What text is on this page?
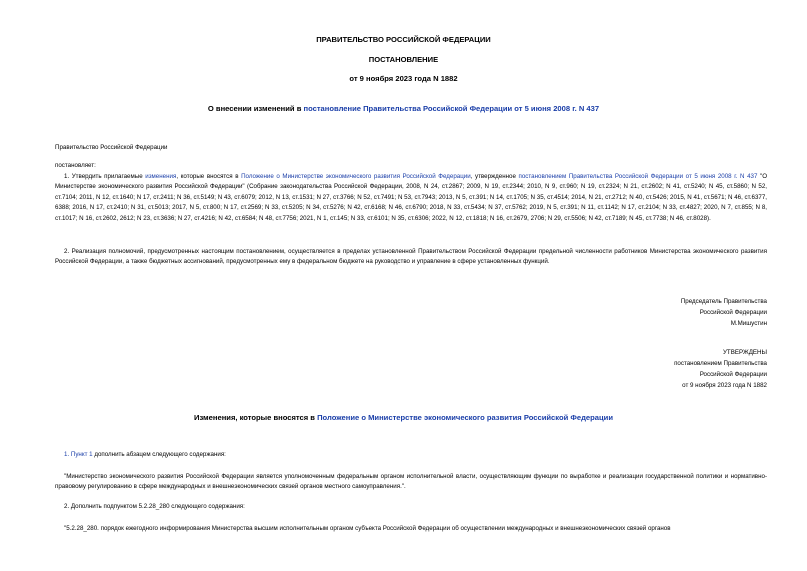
ПРАВИТЕЛЬСТВО РОССИЙСКОЙ ФЕДЕРАЦИИ
ПОСТАНОВЛЕНИЕ
от 9 ноября 2023 года N 1882
О внесении изменений в постановление Правительства Российской Федерации от 5 июня 2008 г. N 437
Правительство Российской Федерации
постановляет:
1. Утвердить прилагаемые изменения, которые вносятся в Положение о Министерстве экономического развития Российской Федерации, утвержденное постановлением Правительства Российской Федерации от 5 июня 2008 г. N 437 "О Министерстве экономического развития Российской Федерации" (Собрание законодательства Российской Федерации, 2008, N 24, ст.2867; 2009, N 19, ст.2344; 2010, N 9, ст.960; N 19, ст.2324; N 21, ст.2602; N 41, ст.5240; N 45, ст.5860; N 52, ст.7104; 2011, N 12, ст.1640; N 17, ст.2411; N 36, ст.5149; N 43, ст.6079; 2012, N 13, ст.1531; N 27, ст.3766; N 52, ст.7491; N 53, ст.7943; 2013, N 5, ст.391; N 14, ст.1705; N 35, ст.4514; 2014, N 21, ст.2712; N 40, ст.5426; 2015, N 41, ст.5671; N 46, ст.6377, 6388; 2016, N 17, ст.2410; N 31, ст.5013; 2017, N 5, ст.800; N 17, ст.2569; N 33, ст.5205; N 34, ст.5276; N 42, ст.6168; N 46, ст.6790; 2018, N 33, ст.5434; N 37, ст.5762; 2019, N 5, ст.391; N 11, ст.1142; N 17, ст.2104; N 33, ст.4827; 2020, N 7, ст.855; N 8, ст.1017; N 16, ст.2602, 2612; N 23, ст.3636; N 27, ст.4216; N 42, ст.6584; N 48, ст.7756; 2021, N 1, ст.145; N 33, ст.6101; N 35, ст.6306; 2022, N 12, ст.1818; N 16, ст.2679, 2706; N 29, ст.5506; N 42, ст.7189; N 45, ст.7738; N 46, ст.8028).
2. Реализация полномочий, предусмотренных настоящим постановлением, осуществляется в пределах установленной Правительством Российской Федерации предельной численности работников Министерства экономического развития Российской Федерации, а также бюджетных ассигнований, предусмотренных ему в федеральном бюджете на руководство и управление в сфере установленных функций.
Председатель Правительства
Российской Федерации
М.Мишустин
УТВЕРЖДЕНЫ
постановлением Правительства
Российской Федерации
от 9 ноября 2023 года N 1882
Изменения, которые вносятся в Положение о Министерстве экономического развития Российской Федерации
1. Пункт 1 дополнить абзацем следующего содержания:
"Министерство экономического развития Российской Федерации является уполномоченным федеральным органом исполнительной власти, осуществляющим функции по выработке и реализации государственной политики и нормативно-правовому регулированию в сфере международных и внешнеэкономических связей органов местного самоуправления.".
2. Дополнить подпунктом 5.2.28_280 следующего содержания:
"5.2.28_280. порядок ежегодного информирования Министерства высшим исполнительным органом субъекта Российской Федерации об осуществлении международных и внешнеэкономических связей органов
